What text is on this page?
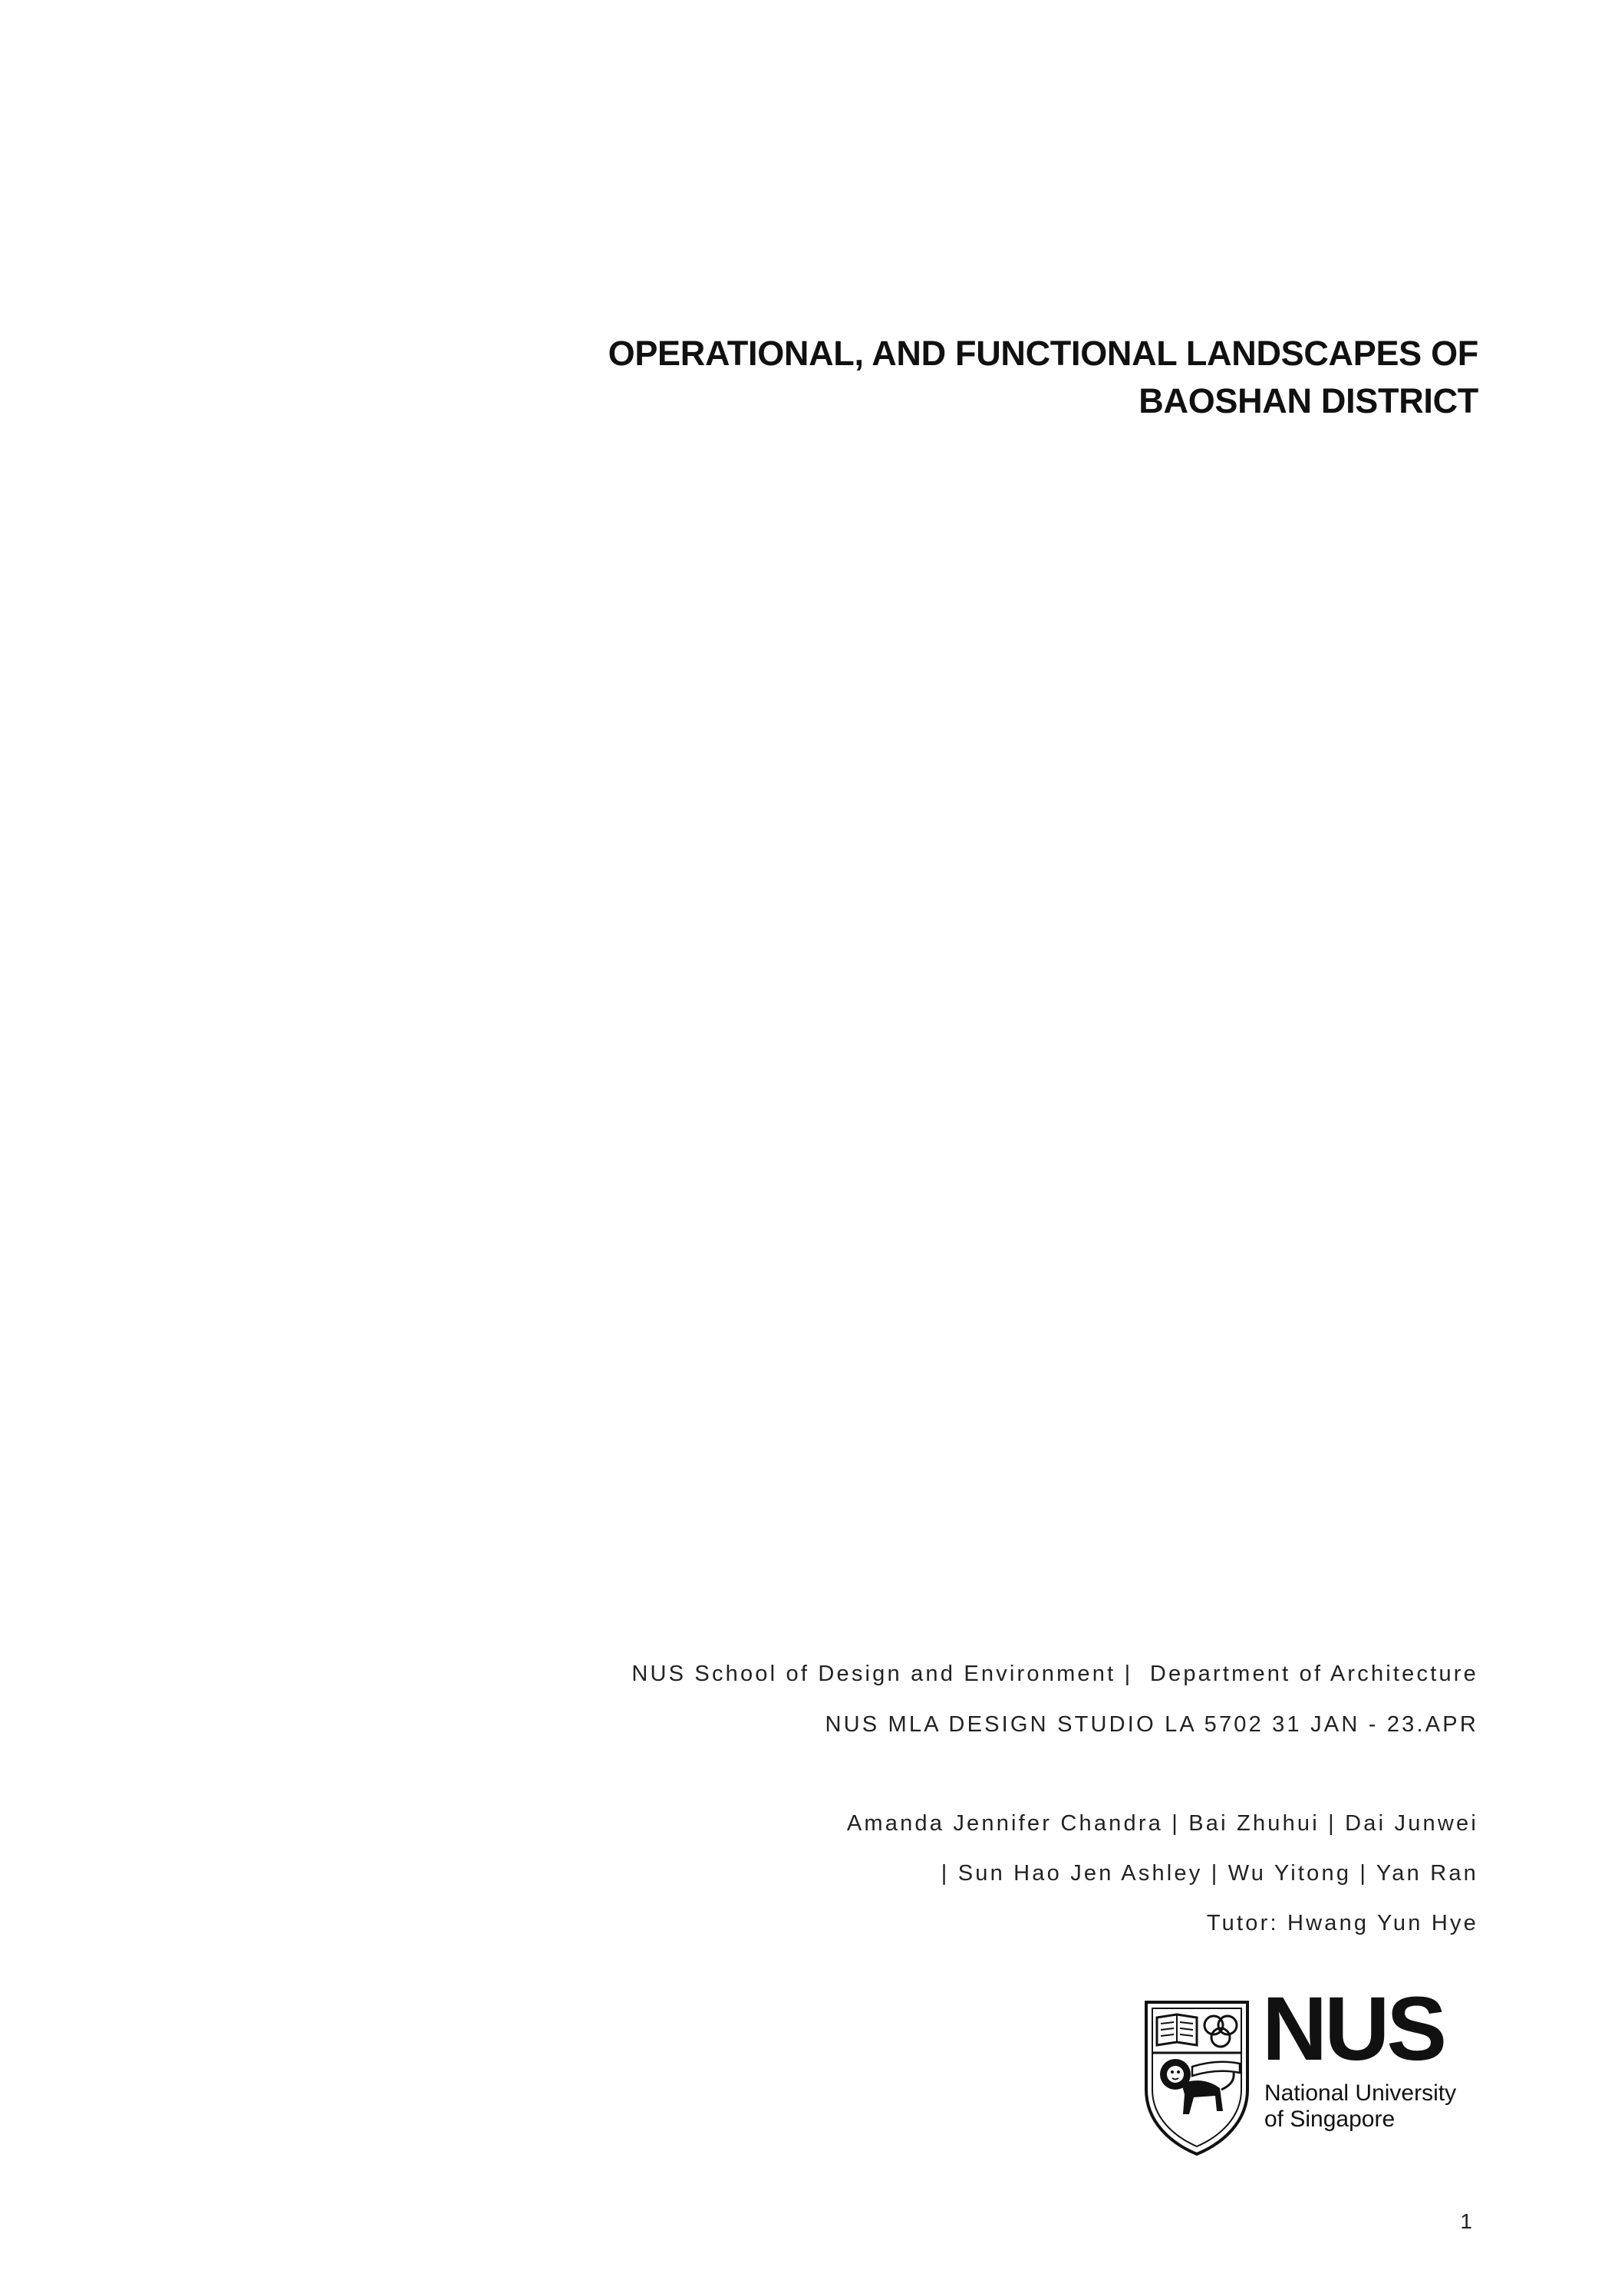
OPERATIONAL, AND FUNCTIONAL LANDSCAPES OF
BAOSHAN DISTRICT
NUS School of Design and Environment |  Department of Architecture
NUS MLA DESIGN STUDIO LA 5702 31 JAN - 23.APR
Amanda Jennifer Chandra | Bai Zhuhui | Dai Junwei
| Sun Hao Jen Ashley | Wu Yitong | Yan Ran
Tutor: Hwang Yun Hye
NUS
National University
of Singapore
1
